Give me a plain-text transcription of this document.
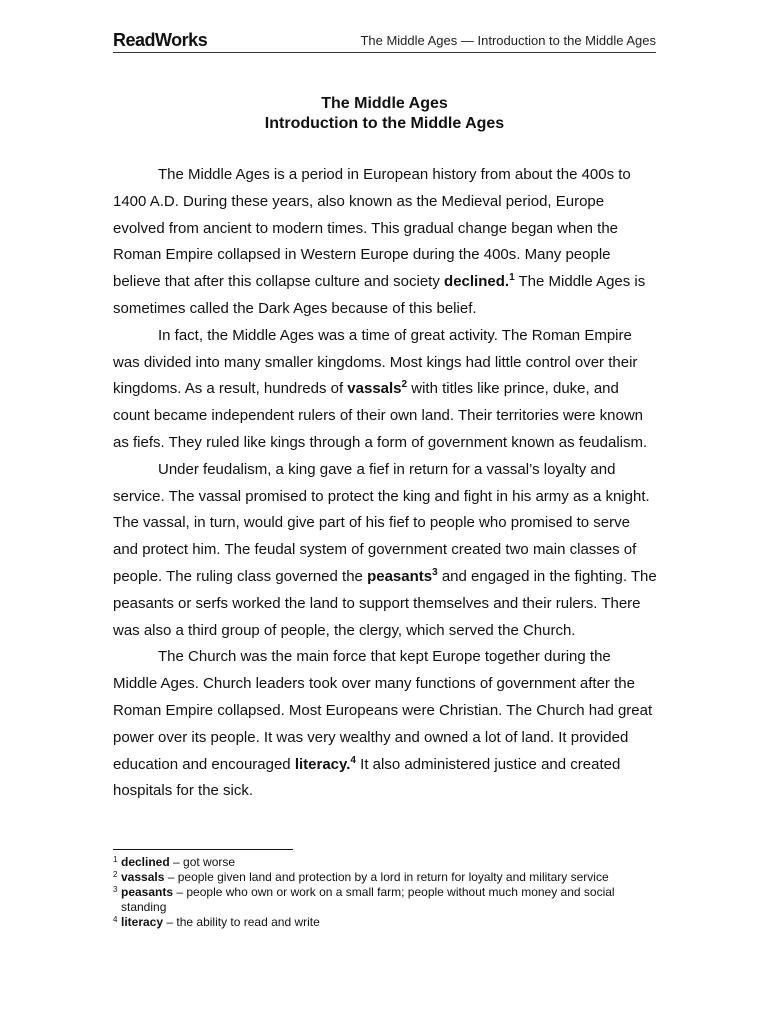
ReadWorks	The Middle Ages — Introduction to the Middle Ages
The Middle Ages
Introduction to the Middle Ages

The Middle Ages is a period in European history from about the 400s to 1400 A.D. During these years, also known as the Medieval period, Europe evolved from ancient to modern times. This gradual change began when the Roman Empire collapsed in Western Europe during the 400s. Many people believe that after this collapse culture and society declined.$^1$ The Middle Ages is sometimes called the Dark Ages because of this belief.

In fact, the Middle Ages was a time of great activity. The Roman Empire was divided into many smaller kingdoms. Most kings had little control over their kingdoms. As a result, hundreds of vassals$^2$ with titles like prince, duke, and count became independent rulers of their own land. Their territories were known as fiefs. They ruled like kings through a form of government known as feudalism.

Under feudalism, a king gave a fief in return for a vassal’s loyalty and service. The vassal promised to protect the king and fight in his army as a knight. The vassal, in turn, would give part of his fief to people who promised to serve and protect him. The feudal system of government created two main classes of people. The ruling class governed the peasants$^3$ and engaged in the fighting. The peasants or serfs worked the land to support themselves and their rulers. There was also a third group of people, the clergy, which served the Church.

The Church was the main force that kept Europe together during the Middle Ages. Church leaders took over many functions of government after the Roman Empire collapsed. Most Europeans were Christian. The Church had great power over its people. It was very wealthy and owned a lot of land. It provided education and encouraged literacy.$^4$ It also administered justice and created hospitals for the sick.

1 declined – got worse
2 vassals – people given land and protection by a lord in return for loyalty and military service
3 peasants – people who own or work on a small farm; people without much money and social standing
4 literacy – the ability to read and write
